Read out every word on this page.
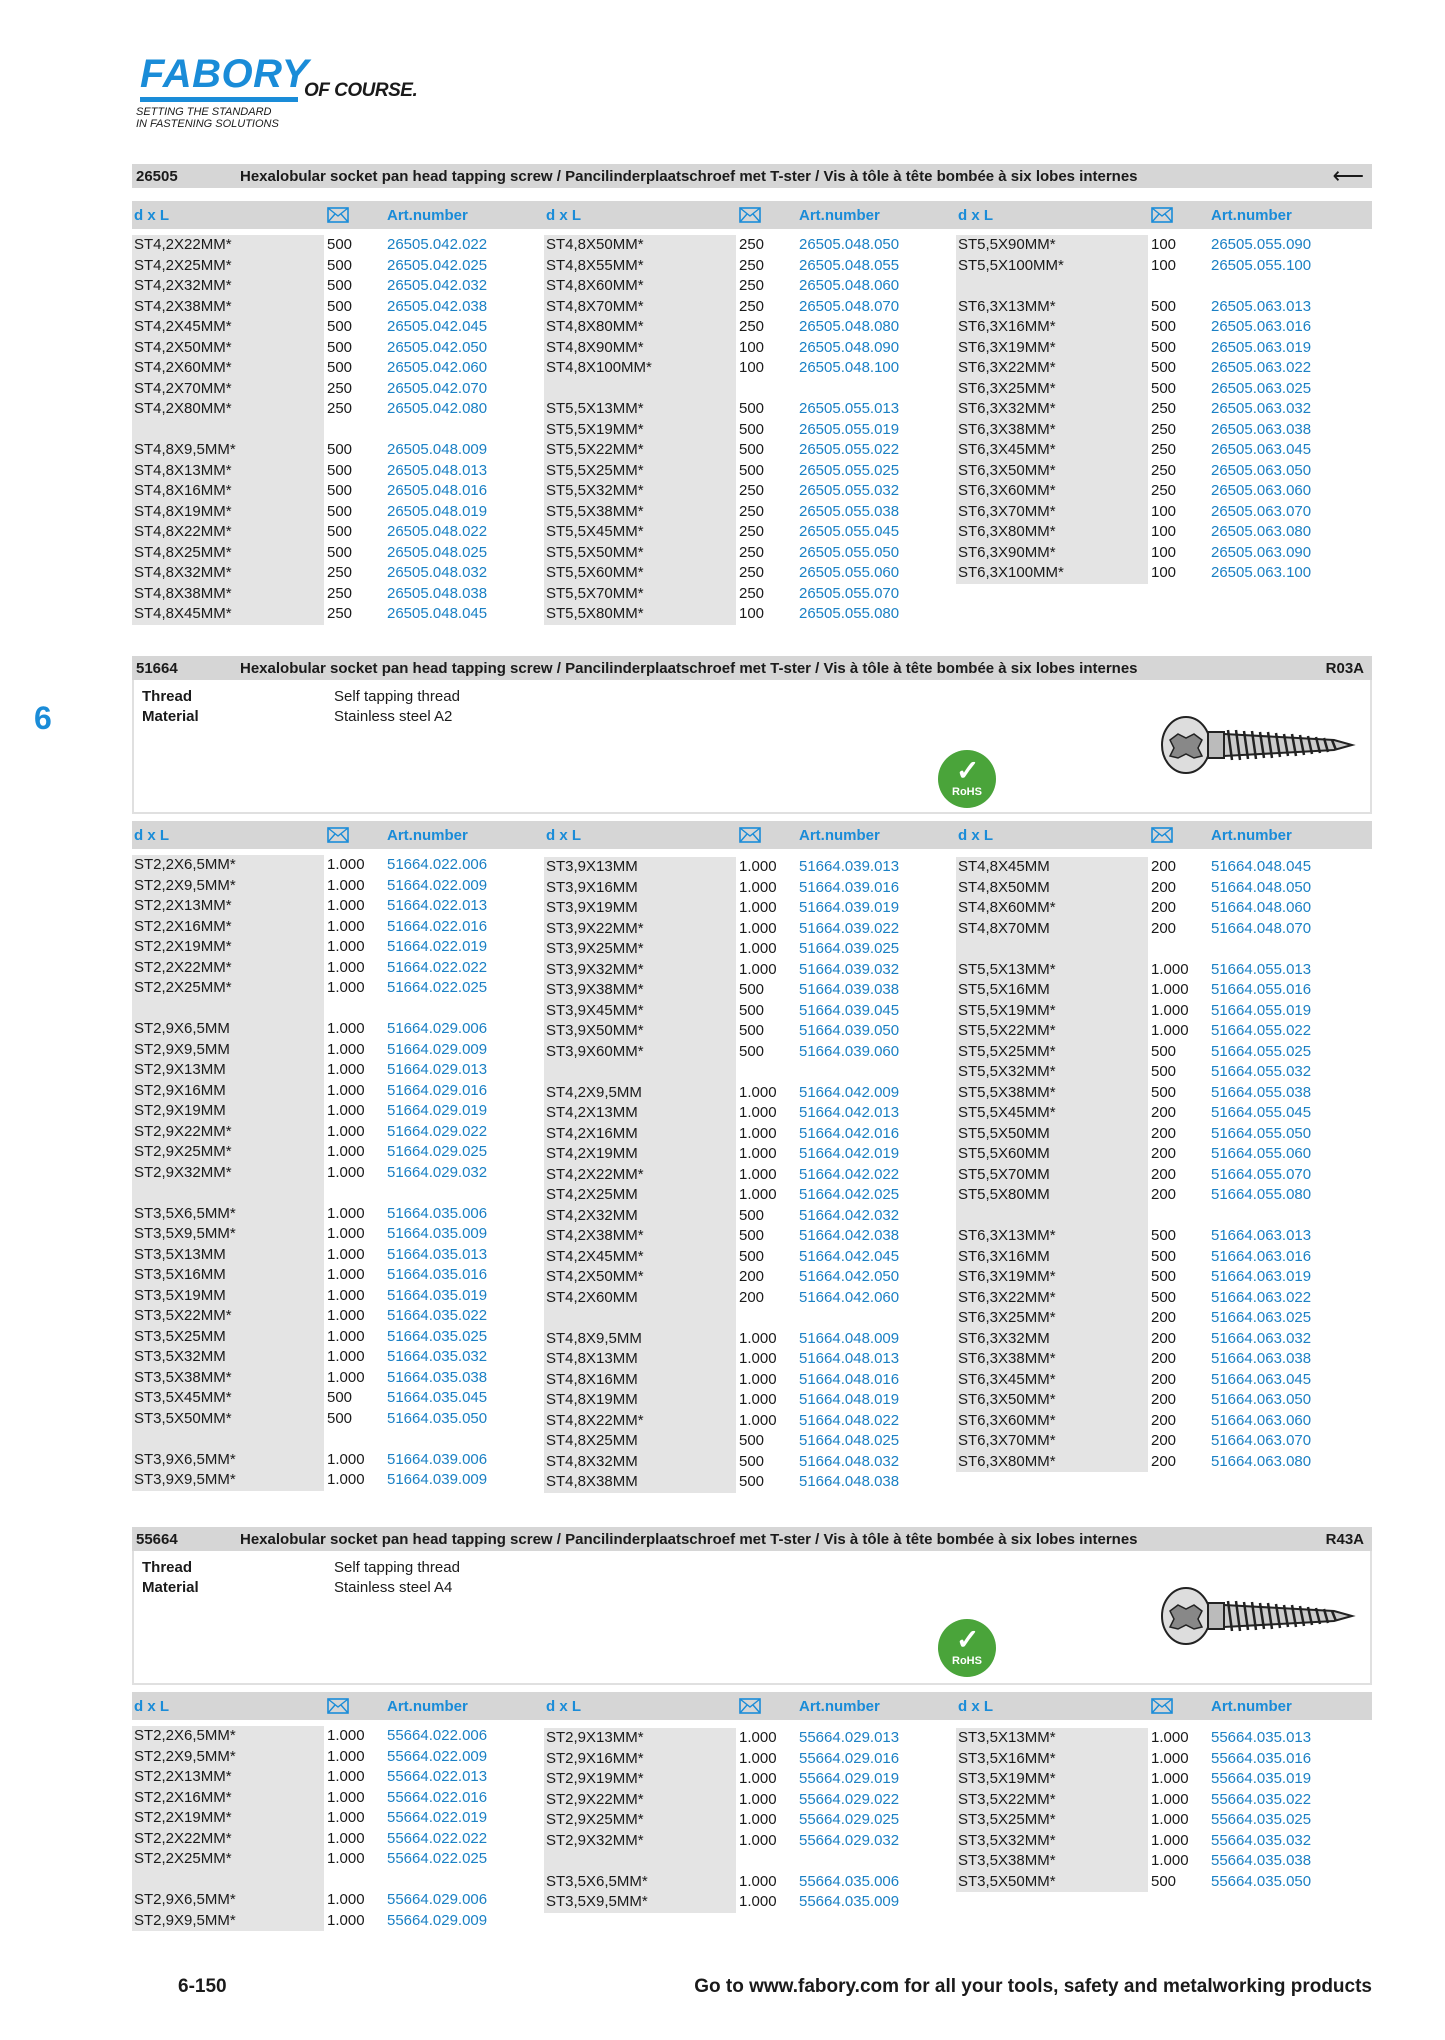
FABORY
OF COURSE.
SETTING THE STANDARD
IN FASTENING SOLUTIONS
6
26505	Hexalobular socket pan head tapping screw / Pancilinderplaatschroef met T-ster / Vis à tôle à tête bombée à six lobes internes	⟵
d x L	Art.number	d x L	Art.number	d x L	Art.number
ST4,2X22MM*	500 26505.042.022
ST4,2X25MM*	500 26505.042.025
ST4,2X32MM*	500 26505.042.032
ST4,2X38MM*	500 26505.042.038
ST4,2X45MM*	500 26505.042.045
ST4,2X50MM*	500 26505.042.050
ST4,2X60MM*	500 26505.042.060
ST4,2X70MM*	250 26505.042.070
ST4,2X80MM*	250 26505.042.080
ST4,8X9,5MM*	500 26505.048.009
ST4,8X13MM*	500 26505.048.013
ST4,8X16MM*	500 26505.048.016
ST4,8X19MM*	500 26505.048.019
ST4,8X22MM*	500 26505.048.022
ST4,8X25MM*	500 26505.048.025
ST4,8X32MM*	250 26505.048.032
ST4,8X38MM*	250 26505.048.038
ST4,8X45MM*	250 26505.048.045
ST4,8X50MM*	250 26505.048.050
ST4,8X55MM*	250 26505.048.055
ST4,8X60MM*	250 26505.048.060
ST4,8X70MM*	250 26505.048.070
ST4,8X80MM*	250 26505.048.080
ST4,8X90MM*	100 26505.048.090
ST4,8X100MM*	100 26505.048.100
ST5,5X13MM*	500 26505.055.013
ST5,5X19MM*	500 26505.055.019
ST5,5X22MM*	500 26505.055.022
ST5,5X25MM*	500 26505.055.025
ST5,5X32MM*	250 26505.055.032
ST5,5X38MM*	250 26505.055.038
ST5,5X45MM*	250 26505.055.045
ST5,5X50MM*	250 26505.055.050
ST5,5X60MM*	250 26505.055.060
ST5,5X70MM*	250 26505.055.070
ST5,5X80MM*	100 26505.055.080
ST5,5X90MM*	100 26505.055.090
ST5,5X100MM*	100 26505.055.100
ST6,3X13MM*	500 26505.063.013
ST6,3X16MM*	500 26505.063.016
ST6,3X19MM*	500 26505.063.019
ST6,3X22MM*	500 26505.063.022
ST6,3X25MM*	500 26505.063.025
ST6,3X32MM*	250 26505.063.032
ST6,3X38MM*	250 26505.063.038
ST6,3X45MM*	250 26505.063.045
ST6,3X50MM*	250 26505.063.050
ST6,3X60MM*	250 26505.063.060
ST6,3X70MM*	100 26505.063.070
ST6,3X80MM*	100 26505.063.080
ST6,3X90MM*	100 26505.063.090
ST6,3X100MM*	100 26505.063.100
51664	Hexalobular socket pan head tapping screw / Pancilinderplaatschroef met T-ster / Vis à tôle à tête bombée à six lobes internes	R03A
Thread	Self tapping thread
Material	Stainless steel A2
✓
RoHS
d x L	Art.number	d x L	Art.number	d x L	Art.number
ST2,2X6,5MM*	1.000 51664.022.006
ST2,2X9,5MM*	1.000 51664.022.009
ST2,2X13MM*	1.000 51664.022.013
ST2,2X16MM*	1.000 51664.022.016
ST2,2X19MM*	1.000 51664.022.019
ST2,2X22MM*	1.000 51664.022.022
ST2,2X25MM*	1.000 51664.022.025
ST2,9X6,5MM	1.000 51664.029.006
ST2,9X9,5MM	1.000 51664.029.009
ST2,9X13MM	1.000 51664.029.013
ST2,9X16MM	1.000 51664.029.016
ST2,9X19MM	1.000 51664.029.019
ST2,9X22MM*	1.000 51664.029.022
ST2,9X25MM*	1.000 51664.029.025
ST2,9X32MM*	1.000 51664.029.032
ST3,5X6,5MM*	1.000 51664.035.006
ST3,5X9,5MM*	1.000 51664.035.009
ST3,5X13MM	1.000 51664.035.013
ST3,5X16MM	1.000 51664.035.016
ST3,5X19MM	1.000 51664.035.019
ST3,5X22MM*	1.000 51664.035.022
ST3,5X25MM	1.000 51664.035.025
ST3,5X32MM	1.000 51664.035.032
ST3,5X38MM*	1.000 51664.035.038
ST3,5X45MM*	500 51664.035.045
ST3,5X50MM*	500 51664.035.050
ST3,9X6,5MM*	1.000 51664.039.006
ST3,9X9,5MM*	1.000 51664.039.009
ST3,9X13MM	1.000 51664.039.013
ST3,9X16MM	1.000 51664.039.016
ST3,9X19MM	1.000 51664.039.019
ST3,9X22MM*	1.000 51664.039.022
ST3,9X25MM*	1.000 51664.039.025
ST3,9X32MM*	1.000 51664.039.032
ST3,9X38MM*	500 51664.039.038
ST3,9X45MM*	500 51664.039.045
ST3,9X50MM*	500 51664.039.050
ST3,9X60MM*	500 51664.039.060
ST4,2X9,5MM	1.000 51664.042.009
ST4,2X13MM	1.000 51664.042.013
ST4,2X16MM	1.000 51664.042.016
ST4,2X19MM	1.000 51664.042.019
ST4,2X22MM*	1.000 51664.042.022
ST4,2X25MM	1.000 51664.042.025
ST4,2X32MM	500 51664.042.032
ST4,2X38MM*	500 51664.042.038
ST4,2X45MM*	500 51664.042.045
ST4,2X50MM*	200 51664.042.050
ST4,2X60MM	200 51664.042.060
ST4,8X9,5MM	1.000 51664.048.009
ST4,8X13MM	1.000 51664.048.013
ST4,8X16MM	1.000 51664.048.016
ST4,8X19MM	1.000 51664.048.019
ST4,8X22MM*	1.000 51664.048.022
ST4,8X25MM	500 51664.048.025
ST4,8X32MM	500 51664.048.032
ST4,8X38MM	500 51664.048.038
ST4,8X45MM	200 51664.048.045
ST4,8X50MM	200 51664.048.050
ST4,8X60MM*	200 51664.048.060
ST4,8X70MM	200 51664.048.070
ST5,5X13MM*	1.000 51664.055.013
ST5,5X16MM	1.000 51664.055.016
ST5,5X19MM*	1.000 51664.055.019
ST5,5X22MM*	1.000 51664.055.022
ST5,5X25MM*	500 51664.055.025
ST5,5X32MM*	500 51664.055.032
ST5,5X38MM*	500 51664.055.038
ST5,5X45MM*	200 51664.055.045
ST5,5X50MM	200 51664.055.050
ST5,5X60MM	200 51664.055.060
ST5,5X70MM	200 51664.055.070
ST5,5X80MM	200 51664.055.080
ST6,3X13MM*	500 51664.063.013
ST6,3X16MM	500 51664.063.016
ST6,3X19MM*	500 51664.063.019
ST6,3X22MM*	500 51664.063.022
ST6,3X25MM*	200 51664.063.025
ST6,3X32MM	200 51664.063.032
ST6,3X38MM*	200 51664.063.038
ST6,3X45MM*	200 51664.063.045
ST6,3X50MM*	200 51664.063.050
ST6,3X60MM*	200 51664.063.060
ST6,3X70MM*	200 51664.063.070
ST6,3X80MM*	200 51664.063.080
55664	Hexalobular socket pan head tapping screw / Pancilinderplaatschroef met T-ster / Vis à tôle à tête bombée à six lobes internes	R43A
Thread	Self tapping thread
Material	Stainless steel A4
✓
RoHS
d x L	Art.number	d x L	Art.number	d x L	Art.number
ST2,2X6,5MM*	1.000 55664.022.006
ST2,2X9,5MM*	1.000 55664.022.009
ST2,2X13MM*	1.000 55664.022.013
ST2,2X16MM*	1.000 55664.022.016
ST2,2X19MM*	1.000 55664.022.019
ST2,2X22MM*	1.000 55664.022.022
ST2,2X25MM*	1.000 55664.022.025
ST2,9X6,5MM*	1.000 55664.029.006
ST2,9X9,5MM*	1.000 55664.029.009
ST2,9X13MM*	1.000 55664.029.013
ST2,9X16MM*	1.000 55664.029.016
ST2,9X19MM*	1.000 55664.029.019
ST2,9X22MM*	1.000 55664.029.022
ST2,9X25MM*	1.000 55664.029.025
ST2,9X32MM*	1.000 55664.029.032
ST3,5X6,5MM*	1.000 55664.035.006
ST3,5X9,5MM*	1.000 55664.035.009
ST3,5X13MM*	1.000 55664.035.013
ST3,5X16MM*	1.000 55664.035.016
ST3,5X19MM*	1.000 55664.035.019
ST3,5X22MM*	1.000 55664.035.022
ST3,5X25MM*	1.000 55664.035.025
ST3,5X32MM*	1.000 55664.035.032
ST3,5X38MM*	1.000 55664.035.038
ST3,5X50MM*	500 55664.035.050
6-150	Go to www.fabory.com for all your tools, safety and metalworking products
